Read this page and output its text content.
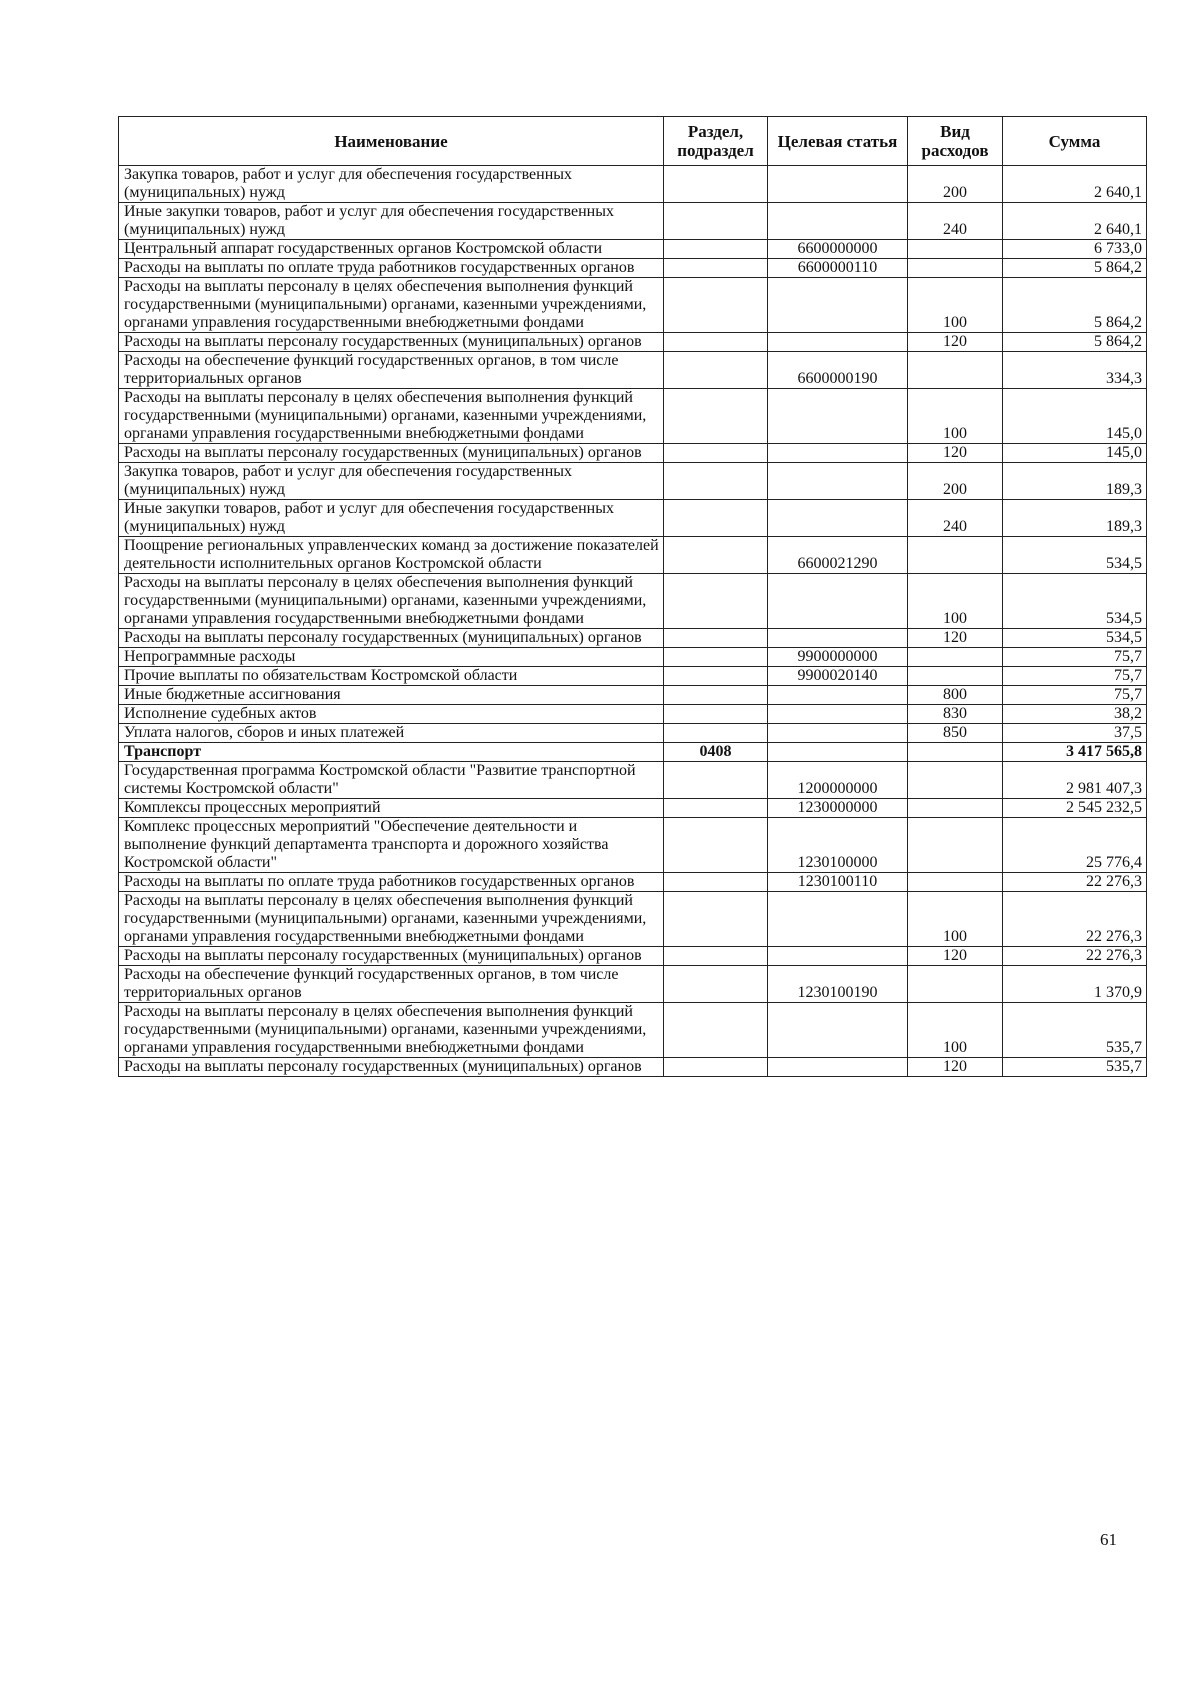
Наименование	Раздел, подраздел	Целевая статья	Вид расходов	Сумма
Закупка товаров, работ и услуг для обеспечения государственных (муниципальных) нужд			200	2 640,1
Иные закупки товаров, работ и услуг для обеспечения государственных (муниципальных) нужд			240	2 640,1
Центральный аппарат государственных органов Костромской области		6600000000		6 733,0
Расходы на выплаты по оплате труда работников государственных органов		6600000110		5 864,2
Расходы на выплаты персоналу в целях обеспечения выполнения функций государственными (муниципальными) органами, казенными учреждениями, органами управления государственными внебюджетными фондами			100	5 864,2
Расходы на выплаты персоналу государственных (муниципальных) органов			120	5 864,2
Расходы на обеспечение функций государственных органов, в том числе территориальных органов		6600000190		334,3
Расходы на выплаты персоналу в целях обеспечения выполнения функций государственными (муниципальными) органами, казенными учреждениями, органами управления государственными внебюджетными фондами			100	145,0
Расходы на выплаты персоналу государственных (муниципальных) органов			120	145,0
Закупка товаров, работ и услуг для обеспечения государственных (муниципальных) нужд			200	189,3
Иные закупки товаров, работ и услуг для обеспечения государственных (муниципальных) нужд			240	189,3
Поощрение региональных управленческих команд за достижение показателей деятельности исполнительных органов Костромской области		6600021290		534,5
Расходы на выплаты персоналу в целях обеспечения выполнения функций государственными (муниципальными) органами, казенными учреждениями, органами управления государственными внебюджетными фондами			100	534,5
Расходы на выплаты персоналу государственных (муниципальных) органов			120	534,5
Непрограммные расходы		9900000000		75,7
Прочие выплаты по обязательствам Костромской области		9900020140		75,7
Иные бюджетные ассигнования			800	75,7
Исполнение судебных актов			830	38,2
Уплата налогов, сборов и иных платежей			850	37,5
Транспорт	0408			3 417 565,8
Государственная программа Костромской области "Развитие транспортной системы Костромской области"		1200000000		2 981 407,3
Комплексы процессных мероприятий		1230000000		2 545 232,5
Комплекс процессных мероприятий "Обеспечение деятельности и выполнение функций департамента транспорта и дорожного хозяйства Костромской области"		1230100000		25 776,4
Расходы на выплаты по оплате труда работников государственных органов		1230100110		22 276,3
Расходы на выплаты персоналу в целях обеспечения выполнения функций государственными (муниципальными) органами, казенными учреждениями, органами управления государственными внебюджетными фондами			100	22 276,3
Расходы на выплаты персоналу государственных (муниципальных) органов			120	22 276,3
Расходы на обеспечение функций государственных органов, в том числе территориальных органов		1230100190		1 370,9
Расходы на выплаты персоналу в целях обеспечения выполнения функций государственными (муниципальными) органами, казенными учреждениями, органами управления государственными внебюджетными фондами			100	535,7
Расходы на выплаты персоналу государственных (муниципальных) органов			120	535,7
61
